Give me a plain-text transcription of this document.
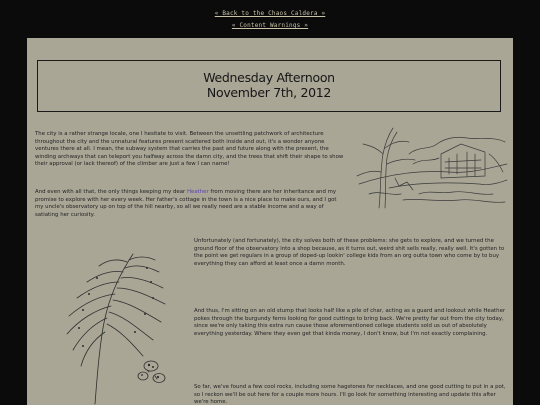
« Back to the Chaos Caldera »
« Content Warnings »
Wednesday Afternoon
November 7th, 2012

The city is a rather strange locale, one I hesitate to visit. Between the unsettling patchwork of architecture throughout the city and the unnatural features present scattered both inside and out, it's a wonder anyone ventures there at all. I mean, the subway system that carries the past and future along with the present, the winding archways that can teleport you halfway across the damn city, and the trees that shift their shape to show their approval (or lack thereof) of the climber are just a few I can name!

And even with all that, the only things keeping my dear Heather from moving there are her inheritance and my promise to explore with her every week. Her father's cottage in the town is a nice place to make ours, and I got my uncle's observatory up on top of the hill nearby, so all we really need are a stable income and a way of satiating her curiosity.

Unfortunately (and fortunately), the city solves both of these problems: she gets to explore, and we turned the ground floor of the observatory into a shop because, as it turns out, weird shit sells really, really well. It's gotten to the point we get regulars in a group of doped-up lookin' college kids from an org outta town who come by to buy everything they can afford at least once a damn month.

And thus, I'm sitting on an old stump that looks half like a pile of char, acting as a guard and lookout while Heather pokes through the burgundy ferns looking for good cuttings to bring back. We're pretty far out from the city today, since we're only taking this extra run cause those aforementioned college students sold us out of absolutely everything yesterday. Where they even get that kinda money, I don't know, but I'm not exactly complaining.

So far, we've found a few cool rocks, including some hagstones for necklaces, and one good cutting to put in a pot, so I reckon we'll be out here for a couple more hours. I'll go look for something interesting and update this after we're home.
